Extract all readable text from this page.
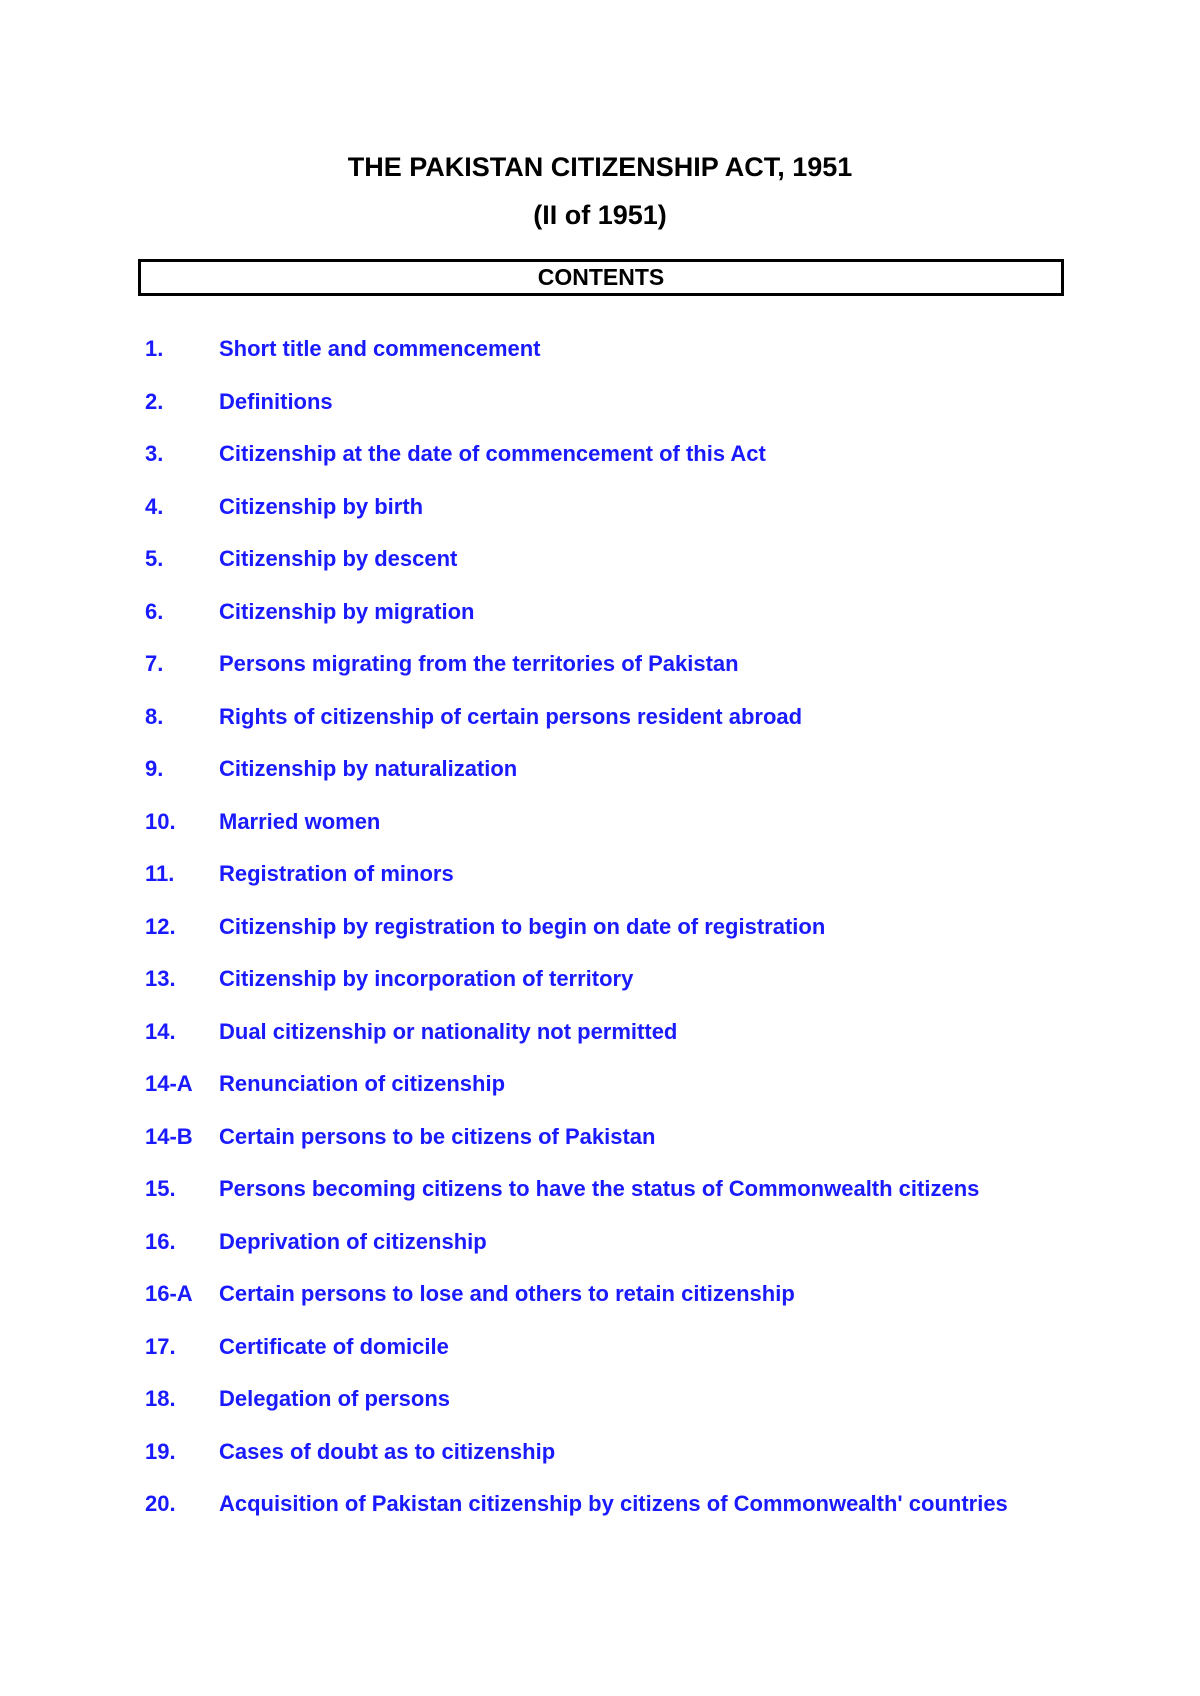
THE PAKISTAN CITIZENSHIP ACT, 1951
(II of 1951)
CONTENTS
1.	Short title and commencement
2.	Definitions
3.	Citizenship at the date of commencement of this Act
4.	Citizenship by birth
5.	Citizenship by descent
6.	Citizenship by migration
7.	Persons migrating from the territories of Pakistan
8.	Rights of citizenship of certain persons resident abroad
9.	Citizenship by naturalization
10.	Married women
11.	Registration of minors
12.	Citizenship by registration to begin on date of registration
13.	Citizenship by incorporation of territory
14.	Dual citizenship or nationality not permitted
14-A	Renunciation of citizenship
14-B	Certain persons to be citizens of Pakistan
15.	Persons becoming citizens to have the status of Commonwealth citizens
16.	Deprivation of citizenship
16-A	Certain persons to lose and others to retain citizenship
17.	Certificate of domicile
18.	Delegation of persons
19.	Cases of doubt as to citizenship
20.	Acquisition of Pakistan citizenship by citizens of Commonwealth' countries
